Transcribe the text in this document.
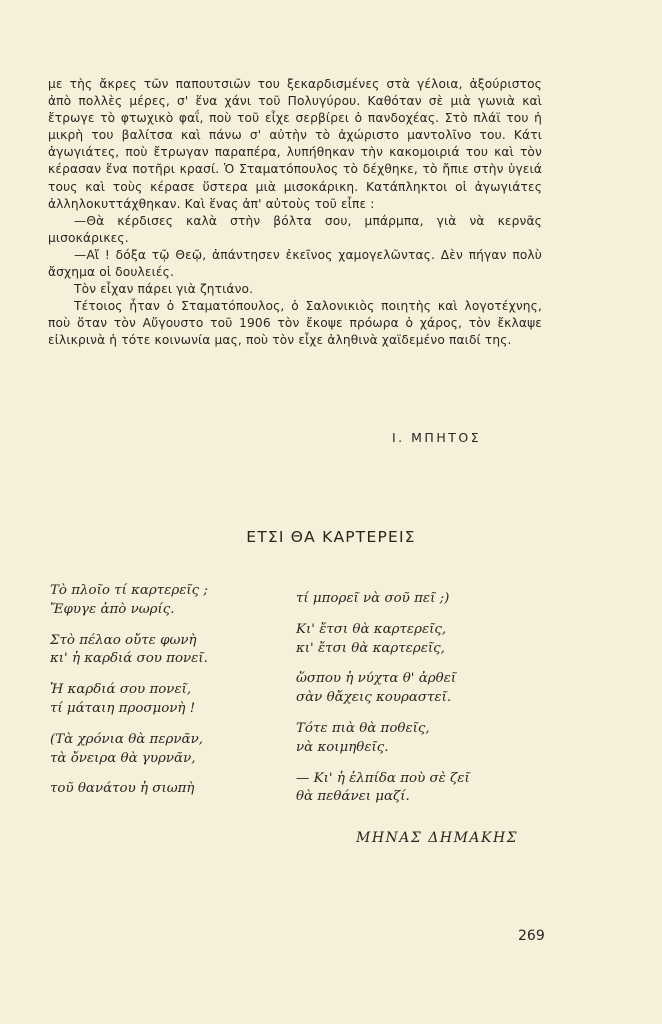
με τὴς ἄκρες τῶν παπουτσιῶν του ξεκαρδισμένες στὰ γέλοια, ἀξούριστος ἀπὸ πολλὲς μέρες, σ' ἕνα χάνι τοῦ Πολυγύρου. Καθόταν σὲ μιὰ γωνιὰ καὶ ἔτρωγε τὸ φτωχικὸ φαΐ, ποὺ τοῦ εἶχε σερβίρει ὁ πανδοχέας. Στὸ πλάϊ του ἡ μικρὴ του βαλίτσα καὶ πάνω σ' αὐτὴν τὸ ἀχώριστο μαντολῖνο του. Κάτι ἀγωγιάτες, ποὺ ἔτρωγαν παραπέρα, λυπήθηκαν τὴν κακομοιριά του καὶ τὸν κέρασαν ἕνα ποτῆρι κρασί. Ὁ Σταματόπουλος τὸ δέχθηκε, τὸ ἤπιε στὴν ὑγειά τους καὶ τοὺς κέρασε ὕστερα μιὰ μισοκάρικη. Κατάπληκτοι οἱ ἀγωγιάτες ἀλληλοκυττάχθηκαν. Καὶ ἕνας ἀπ' αὐτοὺς τοῦ εἶπε :

—Θὰ κέρδισες καλὰ στὴν βόλτα σου, μπάρμπα, γιὰ νὰ κερνᾶς μισοκάρικες.

—Αἴ ! δόξα τῷ Θεῷ, ἀπάντησεν ἐκεῖνος χαμογελῶντας. Δὲν πήγαν πολὺ ἄσχημα οἱ δουλειές.

Τὸν εἶχαν πάρει γιὰ ζητιάνο.

Τέτοιος ἦταν ὁ Σταματόπουλος, ὁ Σαλονικιὸς ποιητὴς καὶ λογοτέχνης, ποὺ ὅταν τὸν Αὔγουστο τοῦ 1906 τὸν ἔκοψε πρόωρα ὁ χάρος, τὸν ἔκλαψε εἰλικρινὰ ἡ τότε κοινωνία μας, ποὺ τὸν εἶχε ἀληθινὰ χαϊδεμένο παιδί της.

Ι. ΜΠΗΤΟΣ
ΕΤΣΙ ΘΑ ΚΑΡΤΕΡΕΙΣ
Τὸ πλοῖο τί καρτερεῖς ;
Ἔφυγε ἀπὸ νωρίς.
Στὸ πέλαο οὔτε φωνὴ
κι' ἡ καρδιά σου πονεῖ.
Ἡ καρδιά σου πονεῖ,
τί μάταιη προσμονὴ !
(Τὰ χρόνια θὰ περνᾶν,
τὰ ὄνειρα θὰ γυρνᾶν,
τοῦ θανάτου ἡ σιωπὴ
τί μπορεῖ νὰ σοῦ πεῖ ;)
Κι' ἔτσι θὰ καρτερεῖς,
κι' ἔτσι θὰ καρτερεῖς,
ὥσπου ἡ νύχτα θ' ἀρθεῖ
σὰν θἄχεις κουραστεῖ.
Τότε πιὰ θὰ ποθεῖς,
νὰ κοιμηθεῖς.
— Κι' ἡ ἐλπίδα ποὺ σὲ ζεῖ
θὰ πεθάνει μαζί.
ΜΗΝΑΣ ΔΗΜΑΚΗΣ
269
